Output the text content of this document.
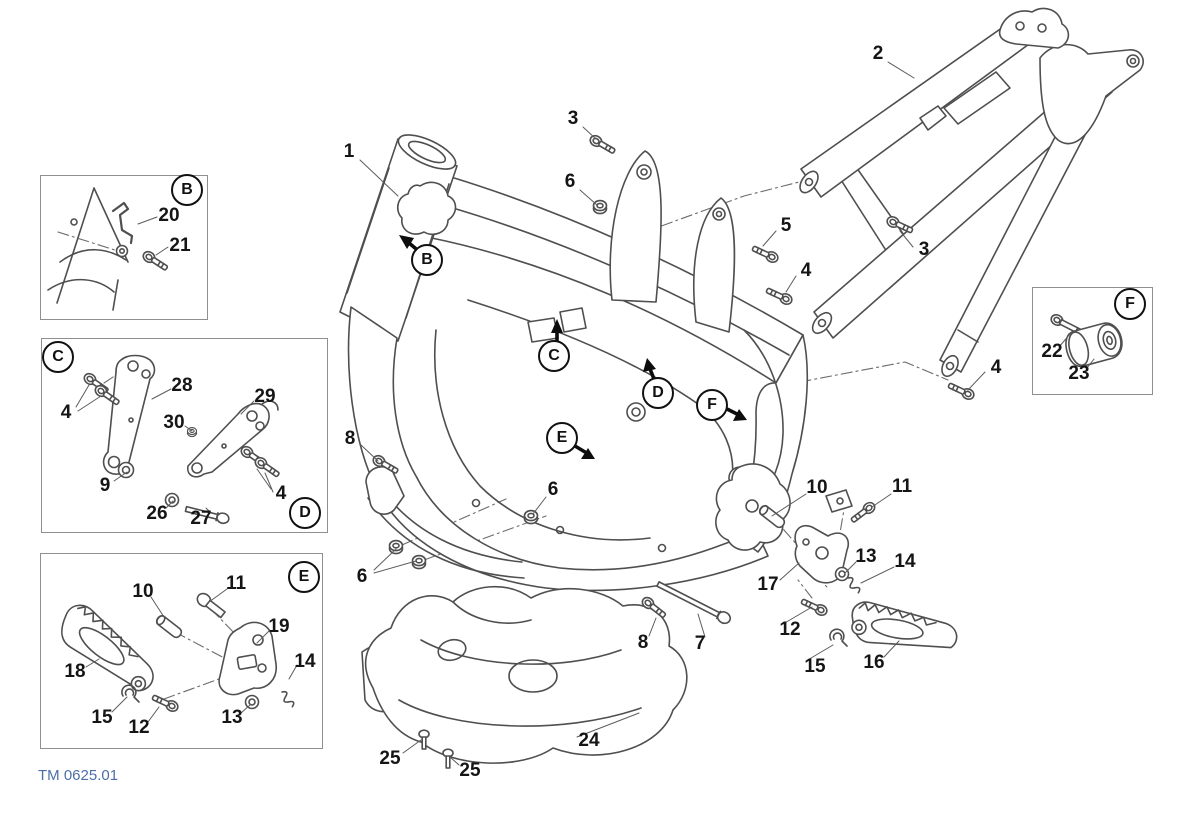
1
2
3
6
5
4
3
4
8
6
6
10	11
13 14
17
12
15 16
8 7
24
25
25
20
21
4
28
30
29
9
26 27
4
18
10	11
19
14
15 12	13
22
23
B
C
D
E
F
B
C
D
E
F
TM 0625.01
